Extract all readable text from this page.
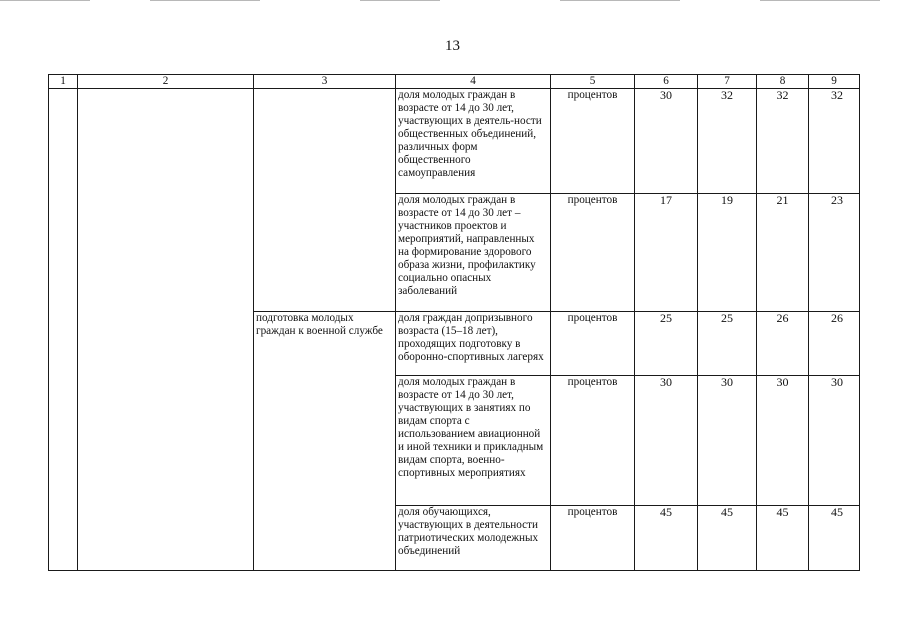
13
1	2	3	4	5	6	7	8	9
			доля молодых граждан в возрасте от 14 до 30 лет, участвующих в деятель-ности общественных объединений, различных форм общественного самоуправления	процентов	30	32	32	32
			доля молодых граждан в возрасте от 14 до 30 лет – участников проектов и мероприятий, направленных на формирование здорового образа жизни, профилактику социально опасных заболеваний	процентов	17	19	21	23
		подготовка молодых граждан к военной службе	доля граждан допризывного возраста (15–18 лет), проходящих подготовку в оборонно-спортивных лагерях	процентов	25	25	26	26
			доля молодых граждан в возрасте от 14 до 30 лет, участвующих в занятиях по видам спорта с использованием авиационной и иной техники и прикладным видам спорта, военно-спортивных мероприятиях	процентов	30	30	30	30
			доля обучающихся, участвующих в деятельности патриотических молодежных объединений	процентов	45	45	45	45
